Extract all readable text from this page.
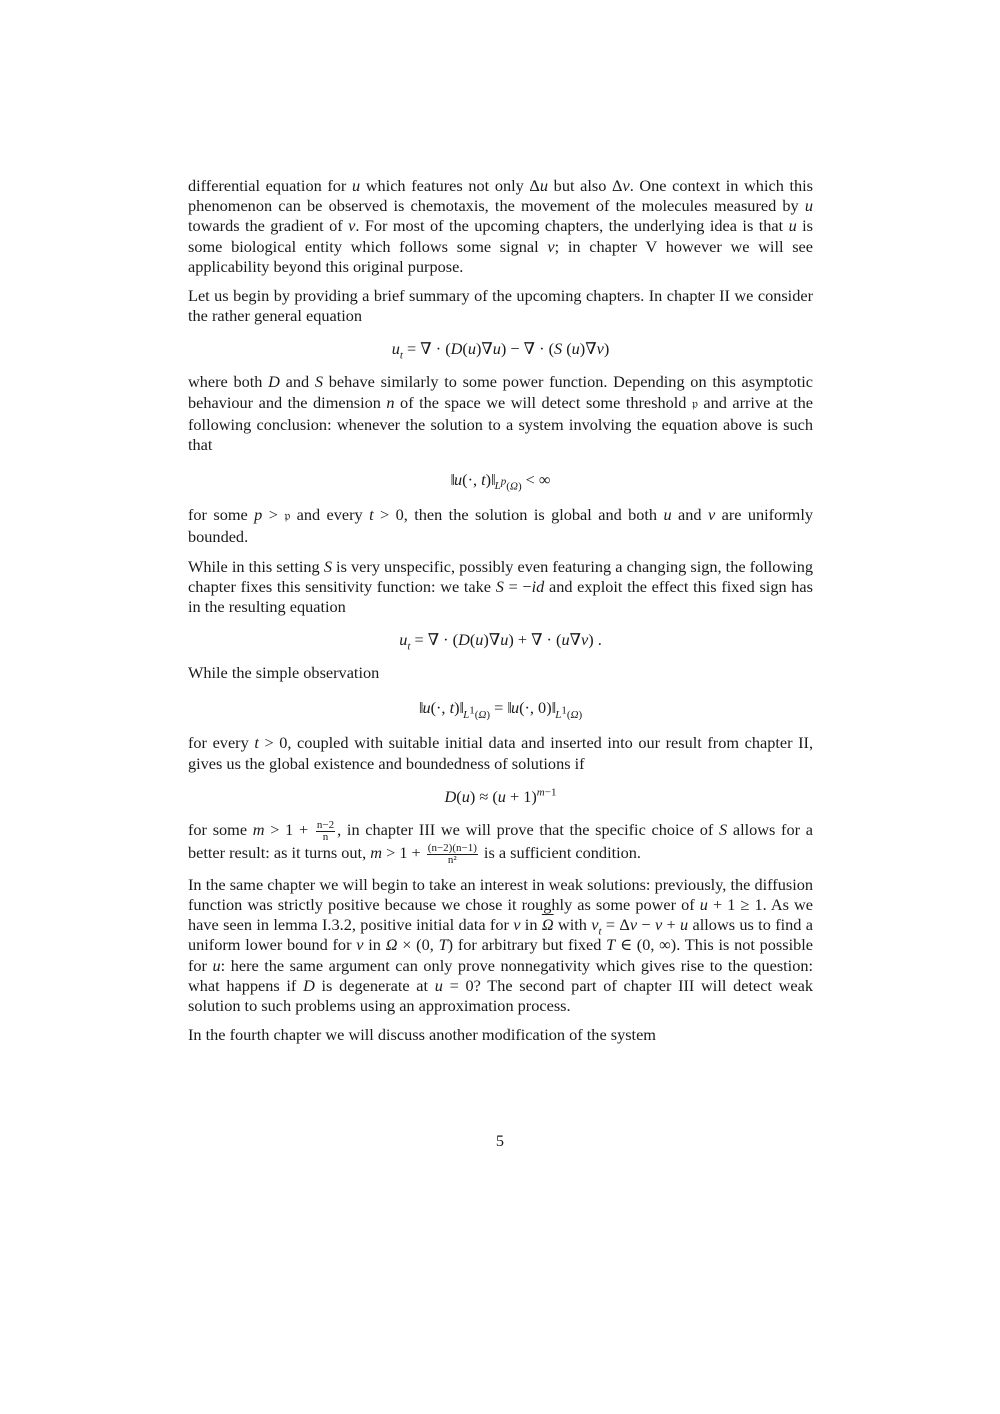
differential equation for u which features not only Δu but also Δv. One context in which this phenomenon can be observed is chemotaxis, the movement of the molecules measured by u towards the gradient of v. For most of the upcoming chapters, the underlying idea is that u is some biological entity which follows some signal v; in chapter V however we will see applicability beyond this original purpose.

Let us begin by providing a brief summary of the upcoming chapters. In chapter II we consider the rather general equation

$u_t$ = ∇ · (D(u)∇u) − ∇ · (S (u)∇v)

where both D and S behave similarly to some power function. Depending on this asymptotic behaviour and the dimension n of the space we will detect some threshold 𝔭 and arrive at the following conclusion: whenever the solution to a system involving the equation above is such that

‖u(·, $t)‖_{L^p(\Omega)}$ < ∞

for some p > 𝔭 and every t > 0, then the solution is global and both u and v are uniformly bounded.

While in this setting S is very unspecific, possibly even featuring a changing sign, the following chapter fixes this sensitivity function: we take S = −id and exploit the effect this fixed sign has in the resulting equation

$u_t$ = ∇ · (D(u)∇u) + ∇ · (u∇v) .

While the simple observation

‖u(·, $t)‖_{L^1(\Omega)}$ = ‖u(·, $0)‖_{L^1(\Omega)}$

for every t > 0, coupled with suitable initial data and inserted into our result from chapter II, gives us the global existence and boundedness of solutions if

$D(u) \approx (u + 1)^{m-1}$

for some $m > 1 + \frac{n-2}{n}$ , in chapter III we will prove that the specific choice of S allows for a better result: as it turns out, $m > 1 + \frac{(n-2)(n-1)}{\text{n²}}$ is a sufficient condition.

In the same chapter we will begin to take an interest in weak solutions: previously, the diffusion function was strictly positive because we chose it roughly as some power of u + 1 ≥ 1. As we have seen in lemma I.3.2, positive initial data for v in $\overline{\Omega}$ with $v_t = \Delta v - v + u$ allows us to find a uniform lower bound for v in Ω × (0, T) for arbitrary but fixed T ∈ (0, ∞). This is not possible for u: here the same argument can only prove nonnegativity which gives rise to the question: what happens if D is degenerate at u = 0? The second part of chapter III will detect weak solution to such problems using an approximation process.

In the fourth chapter we will discuss another modification of the system

5
